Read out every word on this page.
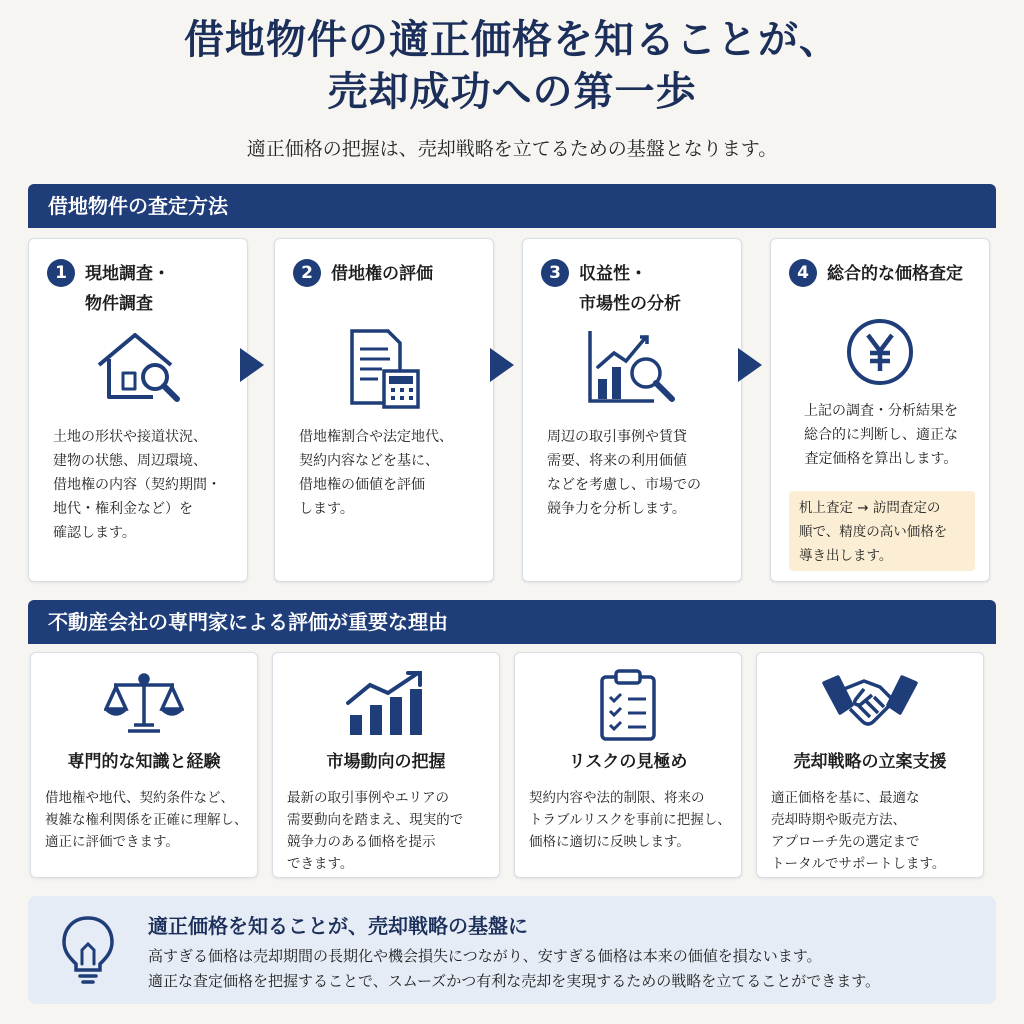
借地物件の適正価格を知ることが、
売却成功への第一歩
適正価格の把握は、売却戦略を立てるための基盤となります。
借地物件の査定方法
1	現地調査・
物件調査
土地の形状や接道状況、
建物の状態、周辺環境、
借地権の内容（契約期間・
地代・権利金など）を
確認します。
2	借地権の評価
借地権割合や法定地代、
契約内容などを基に、
借地権の価値を評価
します。
3	収益性・
市場性の分析
周辺の取引事例や賃貸
需要、将来の利用価値
などを考慮し、市場での
競争力を分析します。
4	総合的な価格査定
上記の調査・分析結果を
総合的に判断し、適正な
査定価格を算出します。
机上査定 → 訪問査定の
順で、精度の高い価格を
導き出します。
不動産会社の専門家による評価が重要な理由
専門的な知識と経験
借地権や地代、契約条件など、
複雑な権利関係を正確に理解し、
適正に評価できます。
市場動向の把握
最新の取引事例やエリアの
需要動向を踏まえ、現実的で
競争力のある価格を提示
できます。
リスクの見極め
契約内容や法的制限、将来の
トラブルリスクを事前に把握し、
価格に適切に反映します。
売却戦略の立案支援
適正価格を基に、最適な
売却時期や販売方法、
アプローチ先の選定まで
トータルでサポートします。
適正価格を知ることが、売却戦略の基盤に
高すぎる価格は売却期間の長期化や機会損失につながり、安すぎる価格は本来の価値を損ないます。
適正な査定価格を把握することで、スムーズかつ有利な売却を実現するための戦略を立てることができます。
